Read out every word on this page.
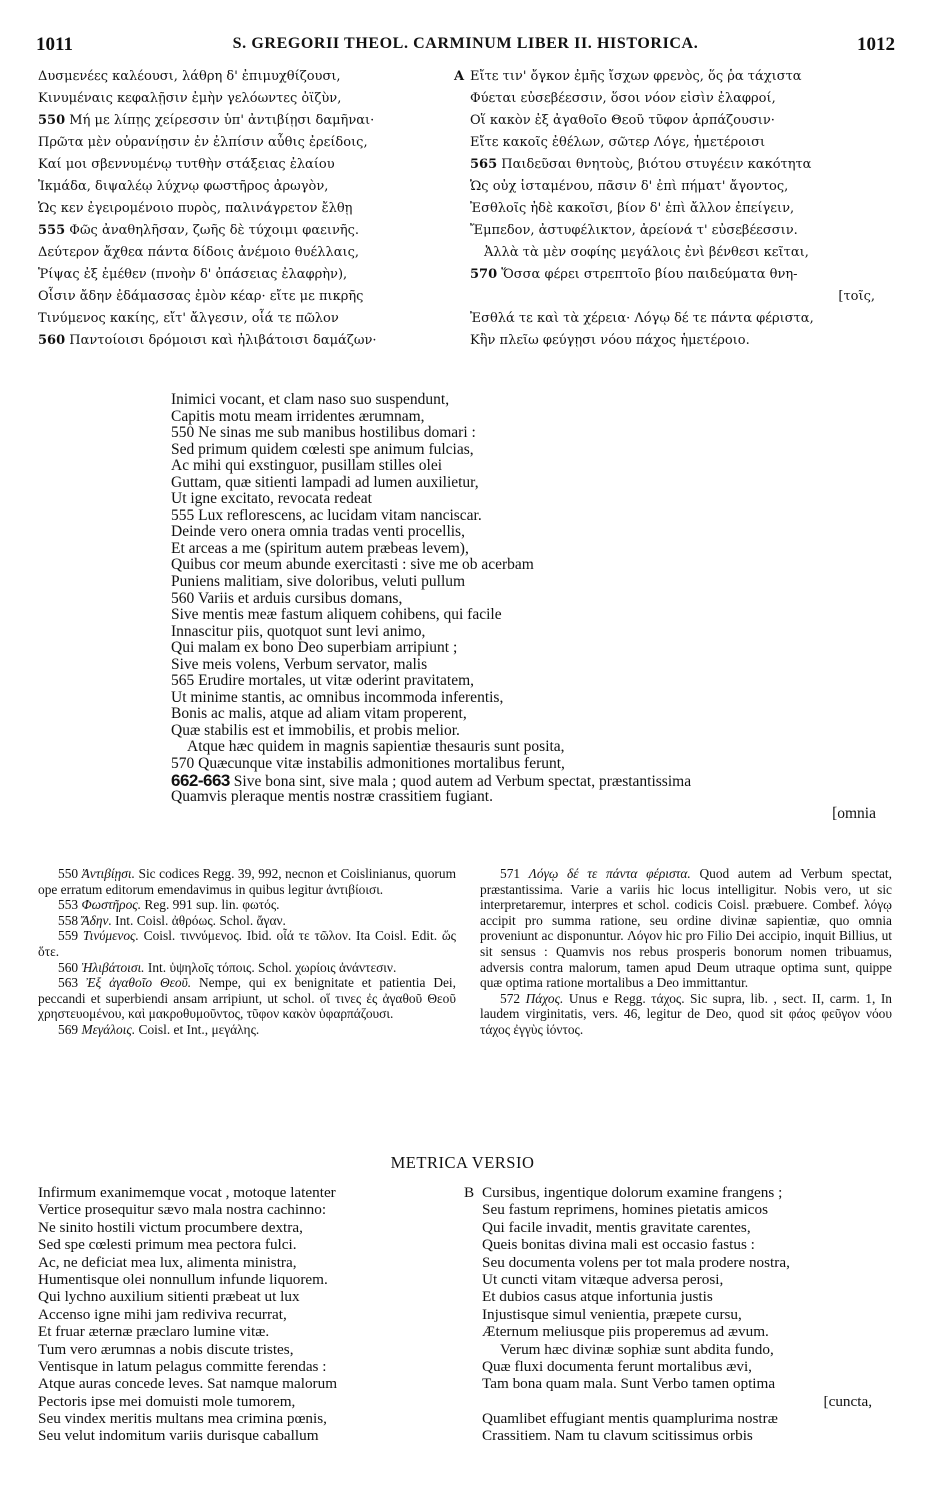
1011	S. GREGORII THEOL. CARMINUM LIBER II. HISTORICA.	1012
Δυσμενέες καλέουσι, λάθρη δ' ἐπιμυχθίζουσι,
Κινυμέναις κεφαλῇσιν ἐμὴν γελόωντες ὀϊζὺν,
550 Μή με λίπῃς χείρεσσιν ὑπ' ἀντιβίῃσι δαμῆναι·
Πρῶτα μὲν οὐρανίῃσιν ἐν ἐλπίσιν αὖθις ἐρείδοις,
Καί μοι σβεννυμένῳ τυτθὴν στάξειας ἐλαίου
Ἰκμάδα, διψαλέῳ λύχνῳ φωστῆρος ἀρωγὸν,
Ὡς κεν ἐγειρομένοιο πυρὸς, παλινάγρετον ἔλθῃ
555 Φῶς ἀναθηλῆσαν, ζωῆς δὲ τύχοιμι φαεινῆς.
Δεύτερον ἄχθεα πάντα δίδοις ἀνέμοιο θυέλλαις,
Ῥίψας ἐξ ἐμέθεν (πνοὴν δ' ὀπάσειας ἐλαφρὴν),
Οἷσιν ἄδην ἐδάμασσας ἐμὸν κέαρ· εἴτε με πικρῆς
Τινύμενος κακίης, εἴτ' ἄλγεσιν, οἷά τε πῶλον
560 Παντοίοισι δρόμοισι καὶ ἠλιβάτοισι δαμάζων·
A Εἴτε τιν' ὄγκον ἐμῆς ἴσχων φρενὸς, ὅς ῥα τάχιστα
Φύεται εὐσεβέεσσιν, ὅσοι νόον εἰσὶν ἐλαφροί,
Οἵ κακὸν ἐξ ἀγαθοῖο Θεοῦ τῦφον ἁρπάζουσιν·
Εἴτε κακοῖς ἐθέλων, σῶτερ Λόγε, ἡμετέροισι
565 Παιδεῦσαι θνητοὺς, βιότου στυγέειν κακότητα
Ὡς οὐχ ἱσταμένου, πᾶσιν δ' ἐπὶ πήματ' ἄγοντος,
Ἐσθλοῖς ἠδὲ κακοῖσι, βίον δ' ἐπὶ ἄλλον ἐπείγειν,
Ἔμπεδον, ἀστυφέλικτον, ἀρείονά τ' εὐσεβέεσσιν.
Ἀλλὰ τὰ μὲν σοφίης μεγάλοις ἐνὶ βένθεσι κεῖται,
570 Ὅσσα φέρει στρεπτοῖο βίου παιδεύματα θνη-
[τοῖς,
Ἐσθλά τε καὶ τὰ χέρεια· Λόγῳ δέ τε πάντα φέριστα,
Κἢν πλεῖω φεύγῃσι νόου πάχος ἡμετέροιο.
Inimici vocant, et clam naso suo suspendunt,
Capitis motu meam irridentes ærumnam,
550 Ne sinas me sub manibus hostilibus domari :
Sed primum quidem cœlesti spe animum fulcias,
Ac mihi qui exstinguor, pusillam stilles olei
Guttam, quæ sitienti lampadi ad lumen auxilietur,
Ut igne excitato, revocata redeat
555 Lux reflorescens, ac lucidam vitam nanciscar.
Deinde vero onera omnia tradas venti procellis,
Et arceas a me (spiritum autem præbeas levem),
Quibus cor meum abunde exercitasti : sive me ob acerbam
Puniens malitiam, sive doloribus, veluti pullum
560 Variis et arduis cursibus domans,
Sive mentis meæ fastum aliquem cohibens, qui facile
Innascitur piis, quotquot sunt levi animo,
Qui malam ex bono Deo superbiam arripiunt ;
Sive meis volens, Verbum servator, malis
565 Erudire mortales, ut vitæ oderint pravitatem,
Ut minime stantis, ac omnibus incommoda inferentis,
Bonis ac malis, atque ad aliam vitam properent,
Quæ stabilis est et immobilis, et probis melior.
Atque hæc quidem in magnis sapientiæ thesauris sunt posita,
570 Quæcunque vitæ instabilis admonitiones mortalibus ferunt,
662-663 Sive bona sint, sive mala ; quod autem ad Verbum spectat, præstantissima
Quamvis pleraque mentis nostræ crassitiem fugiant.
[omnia

550 Ἀντιβίῃσι. Sic codices Regg. 39, 992, necnon et Coislinianus, quorum ope erratum editorum emendavimus in quibus legitur ἀντιβίοισι.

553 Φωστῆρος. Reg. 991 sup. lin. φωτός.

558 Ἄδην. Int. Coisl. ἀθρόως. Schol. ἄγαν.

559 Τινύμενος. Coisl. τιννύμενος. Ibid. οἷά τε τῶλον. Ita Coisl. Edit. ὥς ὅτε.

560 Ἠλιβάτοισι. Int. ὑψηλοῖς τόποις. Schol. χωρίοις ἀνάντεσιν.

563 Ἐξ ἀγαθοῖο Θεοῦ. Nempe, qui ex benignitate et patientia Dei, peccandi et superbiendi ansam arripiunt, ut schol. οἵ τινες ἐς ἀγαθοῦ Θεοῦ χρηστευομένου, καὶ μακροθυμοῦντος, τῦφον κακὸν ὑφαρπάζουσι.

569 Μεγάλοις. Coisl. et Int., μεγάλης.

571 Λόγῳ δέ τε πάντα φέριστα. Quod autem ad Verbum spectat, præstantissima. Varie a variis hic locus intelligitur. Nobis vero, ut sic interpretaremur, interpres et schol. codicis Coisl. præbuere. Combef. λόγῳ accipit pro summa ratione, seu ordine divinæ sapientiæ, quo omnia proveniunt ac disponuntur. Λόγον hic pro Filio Dei accipio, inquit Billius, ut sit sensus : Quamvis nos rebus prosperis bonorum nomen tribuamus, adversis contra malorum, tamen apud Deum utraque optima sunt, quippe quæ optima ratione mortalibus a Deo immittantur.

572 Πάχος. Unus e Regg. τάχος. Sic supra, lib. , sect. II, carm. 1, In laudem virginitatis, vers. 46, legitur de Deo, quod sit φάος φεῦγον νόου τάχος ἐγγὺς ἰόντος.

METRICA VERSIO
Infirmum exanimemque vocat , motoque latenter
Vertice prosequitur sævo mala nostra cachinno:
Ne sinito hostili victum procumbere dextra,
Sed spe cœlesti primum mea pectora fulci.
Ac, ne deficiat mea lux, alimenta ministra,
Humentisque olei nonnullum infunde liquorem.
Qui lychno auxilium sitienti præbeat ut lux
Accenso igne mihi jam rediviva recurrat,
Et fruar æternæ præclaro lumine vitæ.
Tum vero ærumnas a nobis discute tristes,
Ventisque in latum pelagus committe ferendas :
Atque auras concede leves. Sat namque malorum
Pectoris ipse mei domuisti mole tumorem,
Seu vindex meritis multans mea crimina pœnis,
Seu velut indomitum variis durisque caballum
B Cursibus, ingentique dolorum examine frangens ;
Seu fastum reprimens, homines pietatis amicos
Qui facile invadit, mentis gravitate carentes,
Queis bonitas divina mali est occasio fastus :
Seu documenta volens per tot mala prodere nostra,
Ut cuncti vitam vitæque adversa perosi,
Et dubios casus atque infortunia justis
Injustisque simul venientia, præpete cursu,
Æternum meliusque piis properemus ad ævum.
Verum hæc divinæ sophiæ sunt abdita fundo,
Quæ fluxi documenta ferunt mortalibus ævi,
Tam bona quam mala. Sunt Verbo tamen optima
[cuncta,
Quamlibet effugiant mentis quamplurima nostræ
Crassitiem. Nam tu clavum scitissimus orbis
